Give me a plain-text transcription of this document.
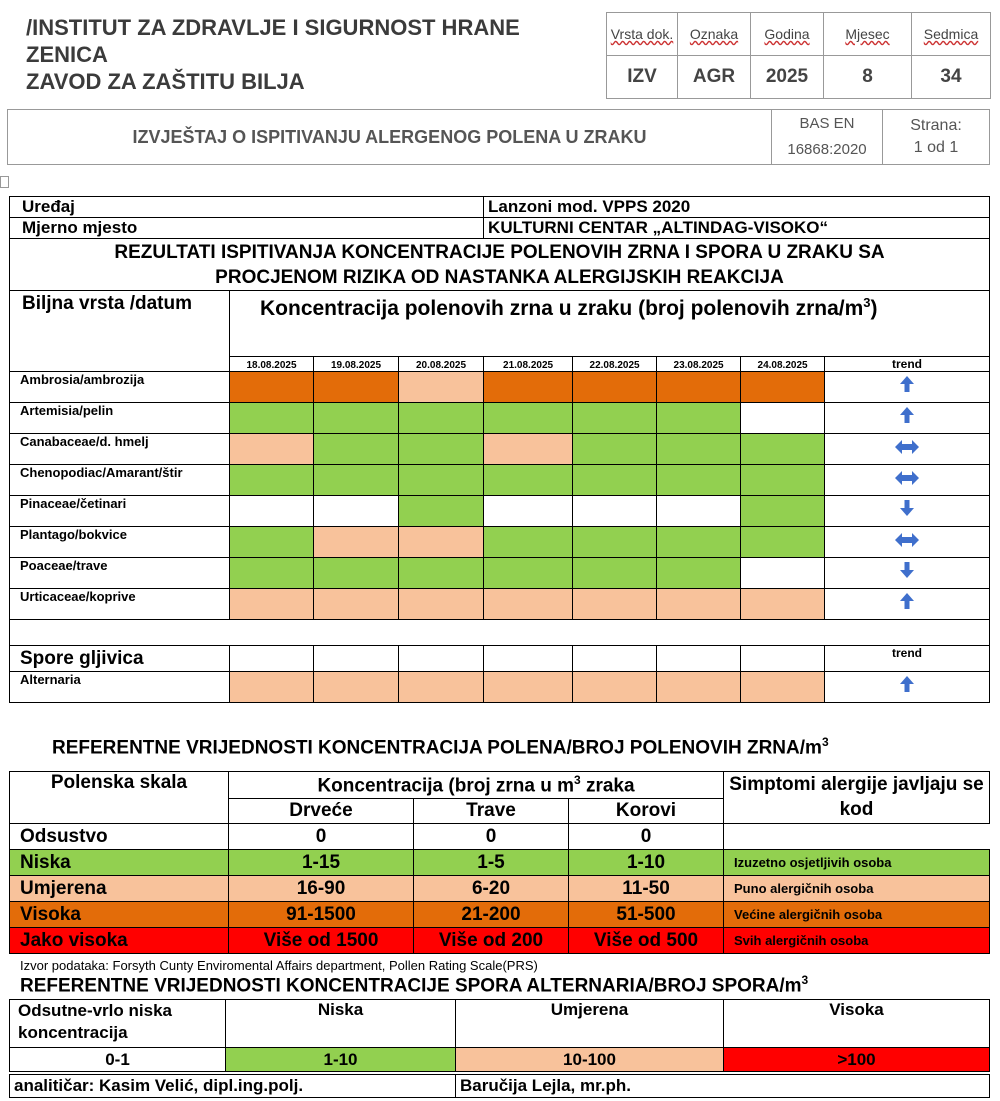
/INSTITUT ZA ZDRAVLJE I SIGURNOST HRANE
ZENICA
ZAVOD ZA ZAŠTITU BILJA
Vrsta dok.	Oznaka	Godina	Mjesec	Sedmica
IZV	AGR	2025	8	34
IZVJEŠTAJ O ISPITIVANJU ALERGENOG POLENA U ZRAKU	
BAS EN
16868:2020

Strana:
1 od 1
Uređaj				Lanzoni mod. VPPS 2020				
Mjerno mjesto				KULTURNI CENTAR „ALTINDAG-VISOKO“				

REZULTATI ISPITIVANJA KONCENTRACIJE POLENOVIH ZRNA I SPORA U ZRAKU SA
PROCJENOM RIZIKA OD NASTANKA ALERGIJSKIH REAKCIJA								

Biljna vrsta /datum	Koncentracija polenovih zrna u zraku (broj polenovih zrna/$m^3$)							
	18.08.2025	19.08.2025	20.08.2025	21.08.2025	22.08.2025	23.08.2025	24.08.2025	trend
Ambrosia/ambrozija								
Artemisia/pelin								
Canabaceae/d. hmelj								
Chenopodiac/Amarant/štir								
Pinaceae/četinari								
Plantago/bokvice								
Poaceae/trave								
Urticaceae/koprive								

Spore gljivica								trend
Alternaria								
REFERENTNE VRIJEDNOSTI KONCENTRACIJA POLENA/BROJ POLENOVIH ZRNA/$m^3$
Polenska skala	Koncentracija (broj zrna u $m^3$ zraka			Simptomi alergije javljaju se kod
	Drveće	Trave	Korovi	
Odsustvo	0	0	0	
Niska	1-15	1-5	1-10	Izuzetno osjetljivih osoba
Umjerena	16-90	6-20	11-50	Puno alergičnih osoba
Visoka	91-1500	21-200	51-500	Većine alergičnih osoba
Jako visoka	Više od 1500	Više od 200	Više od 500	Svih alergičnih osoba
Izvor podataka: Forsyth Cunty Enviromental Affairs department, Pollen Rating Scale(PRS)
REFERENTNE VRIJEDNOSTI KONCENTRACIJE SPORA ALTERNARIA/BROJ SPORA/$m^3$
Odsutne-vrlo niska koncentracija	Niska	Umjerena	Visoka
0-1	1-10	10-100	>100
analitičar: Kasim Velić, dipl.ing.polj.	Baručija Lejla, mr.ph.
